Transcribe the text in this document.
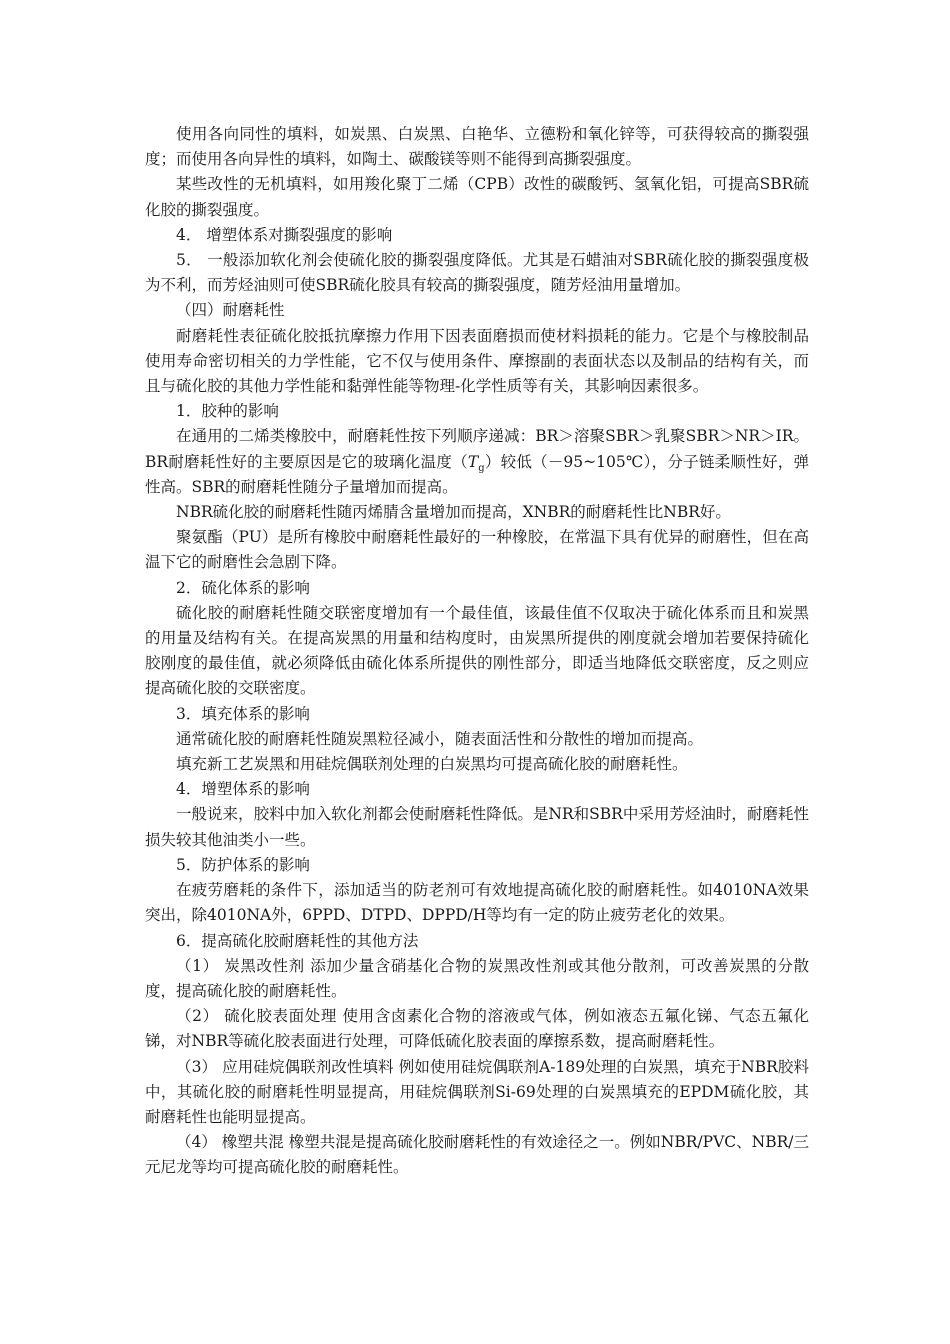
使用各向同性的填料，如炭黑、白炭黑、白艳华、立德粉和氧化锌等，可获得较高的撕裂强度；而使用各向异性的填料，如陶土、碳酸镁等则不能得到高撕裂强度。

某些改性的无机填料，如用羧化聚丁二烯（CPB）改性的碳酸钙、氢氧化铝，可提高SBR硫化胶的撕裂强度。

4． 增塑体系对撕裂强度的影响

5． 一般添加软化剂会使硫化胶的撕裂强度降低。尤其是石蜡油对SBR硫化胶的撕裂强度极为不利，而芳烃油则可使SBR硫化胶具有较高的撕裂强度，随芳烃油用量增加。

（四）耐磨耗性

耐磨耗性表征硫化胶抵抗摩擦力作用下因表面磨损而使材料损耗的能力。它是个与橡胶制品使用寿命密切相关的力学性能，它不仅与使用条件、摩擦副的表面状态以及制品的结构有关，而且与硫化胶的其他力学性能和黏弹性能等物理-化学性质等有关，其影响因素很多。

1．胶种的影响

在通用的二烯类橡胶中，耐磨耗性按下列顺序递减：BR＞溶聚SBR＞乳聚SBR＞NR＞IR。BR耐磨耗性好的主要原因是它的玻璃化温度$(T_g)$较低（－95~105℃），分子链柔顺性好，弹性高。SBR的耐磨耗性随分子量增加而提高。

NBR硫化胶的耐磨耗性随丙烯腈含量增加而提高，XNBR的耐磨耗性比NBR好。

聚氨酯（PU）是所有橡胶中耐磨耗性最好的一种橡胶，在常温下具有优异的耐磨性，但在高温下它的耐磨性会急剧下降。

2．硫化体系的影响

硫化胶的耐磨耗性随交联密度增加有一个最佳值，该最佳值不仅取决于硫化体系而且和炭黑的用量及结构有关。在提高炭黑的用量和结构度时，由炭黑所提供的刚度就会增加若要保持硫化胶刚度的最佳值，就必须降低由硫化体系所提供的刚性部分，即适当地降低交联密度，反之则应提高硫化胶的交联密度。

3．填充体系的影响

通常硫化胶的耐磨耗性随炭黑粒径减小，随表面活性和分散性的增加而提高。

填充新工艺炭黑和用硅烷偶联剂处理的白炭黑均可提高硫化胶的耐磨耗性。

4．增塑体系的影响

一般说来，胶料中加入软化剂都会使耐磨耗性降低。是NR和SBR中采用芳烃油时，耐磨耗性损失较其他油类小一些。

5．防护体系的影响

在疲劳磨耗的条件下，添加适当的防老剂可有效地提高硫化胶的耐磨耗性。如4010NA效果突出，除4010NA外，6PPD、DTPD、DPPD/H等均有一定的防止疲劳老化的效果。

6．提高硫化胶耐磨耗性的其他方法

（1） 炭黑改性剂 添加少量含硝基化合物的炭黑改性剂或其他分散剂，可改善炭黑的分散度，提高硫化胶的耐磨耗性。

（2） 硫化胶表面处理 使用含卤素化合物的溶液或气体，例如液态五氟化锑、气态五氟化锑，对NBR等硫化胶表面进行处理，可降低硫化胶表面的摩擦系数，提高耐磨耗性。

（3） 应用硅烷偶联剂改性填料 例如使用硅烷偶联剂A-189处理的白炭黑，填充于NBR胶料中，其硫化胶的耐磨耗性明显提高，用硅烷偶联剂Si-69处理的白炭黑填充的EPDM硫化胶，其耐磨耗性也能明显提高。

（4） 橡塑共混 橡塑共混是提高硫化胶耐磨耗性的有效途径之一。例如NBR/PVC、NBR/三元尼龙等均可提高硫化胶的耐磨耗性。
